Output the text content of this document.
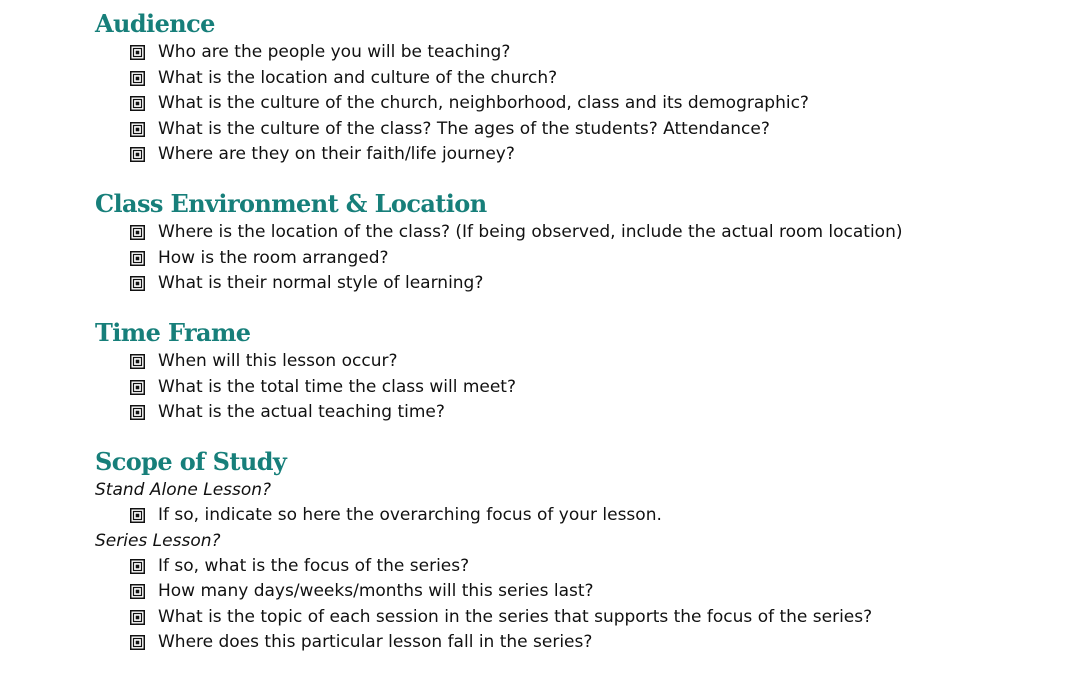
Audience
Who are the people you will be teaching?
What is the location and culture of the church?
What is the culture of the church, neighborhood, class and its demographic?
What is the culture of the class? The ages of the students? Attendance?
Where are they on their faith/life journey?
Class Environment & Location
Where is the location of the class? (If being observed, include the actual room location)
How is the room arranged?
What is their normal style of learning?
Time Frame
When will this lesson occur?
What is the total time the class will meet?
What is the actual teaching time?
Scope of Study
Stand Alone Lesson?
If so, indicate so here the overarching focus of your lesson.
Series Lesson?
If so, what is the focus of the series?
How many days/weeks/months will this series last?
What is the topic of each session in the series that supports the focus of the series?
Where does this particular lesson fall in the series?
